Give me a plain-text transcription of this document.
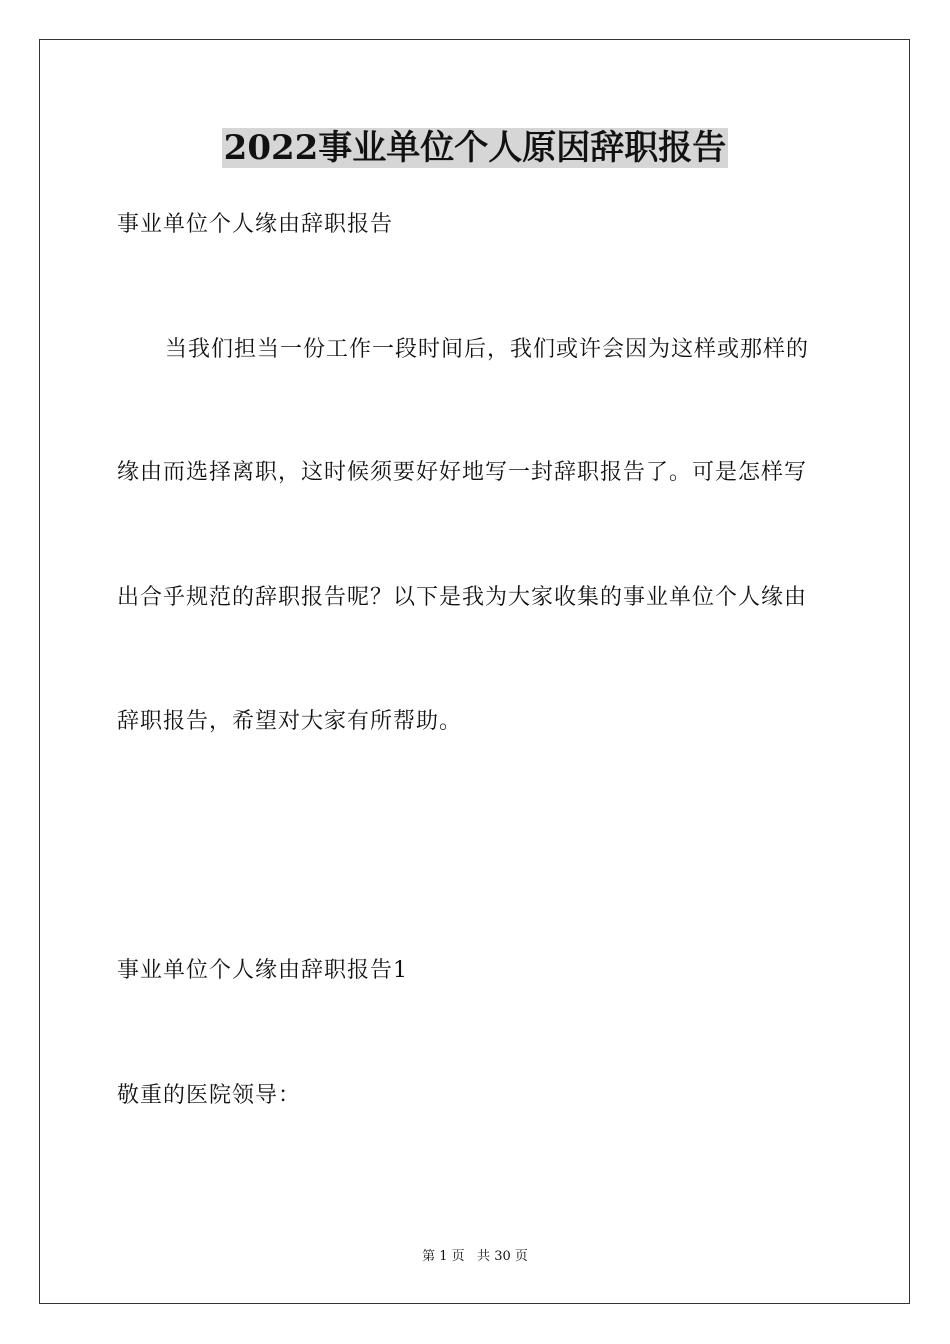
2022事业单位个人原因辞职报告
事业单位个人缘由辞职报告
当我们担当一份工作一段时间后，我们或许会因为这样或那样的
缘由而选择离职，这时候须要好好地写一封辞职报告了。可是怎样写
出合乎规范的辞职报告呢？以下是我为大家收集的事业单位个人缘由
辞职报告，希望对大家有所帮助。
事业单位个人缘由辞职报告1
敬重的医院领导：
第 1 页   共 30 页
